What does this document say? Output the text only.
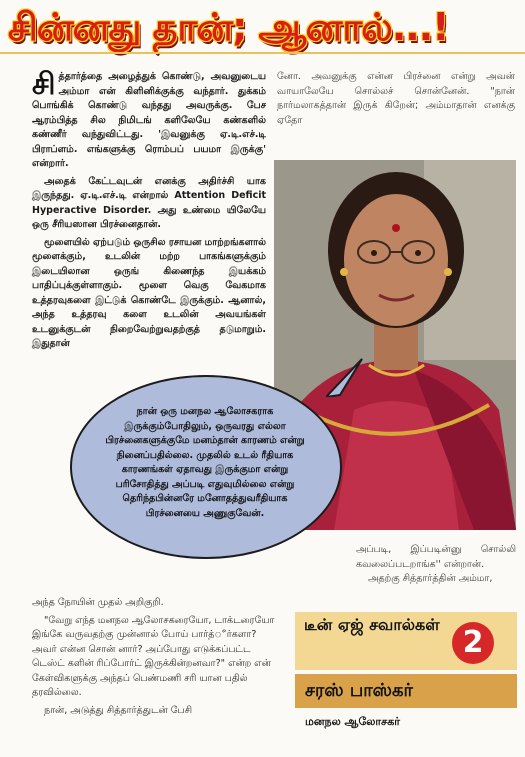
சின்னது தான்; ஆனால்...!

சித்தார்த்தை அழைத்துக் கொண்டு, அவனுடைய அம்மா என் கிளினிக்குக்கு வந்தார். துக்கம் பொங்கிக் கொண்டு வந்தது அவருக்கு. பேச ஆரம்பித்த சில நிமிடங் களிலேயே கண்களில் கண்ணீர் வந்துவிட்டது. 'இவனுக்கு ஏ.டி.எச்.டி பிராப்ளம். எங்களுக்கு ரொம்பப் பயமா இருக்கு' என்றார்.

அதைக் கேட்டவுடன் எனக்கு அதிர்ச்சி யாக இருந்தது. ஏ.டி.எச்.டி என்றால் Attention Deficit Hyperactive Disorder. அது உண்மை யிலேயே ஒரு சீரியஸான பிரச்னைதான்.

மூளையில் ஏற்படும் ஒருசில ரசாயன மாற்றங்களால் மூளைக்கும், உடலின் மற்ற பாகங்களுக்கும் இடையிலான ஒருங் கிணைந்த இயக்கம் பாதிப்புக்குள்ளாகும். மூளை வெகு வேகமாக உத்தரவுகளை இட்டுக் கொண்டே இருக்கும். ஆனால், அந்த உத்தரவு களை உடலின் அவயங்கள் உடனுக்குடன் நிறைவேற்றுவதற்குத் தடுமாறும். இதுதான்

னோ. அவனுக்கு என்ன பிரச்னை என்று அவன் வாயாலேயே சொல்லச் சொன்னேன். "நான் நார்மலாகத்தான் இருக் கிறேன்; அம்மாதான் எனக்கு ஏதோ

நான் ஒரு மனநல ஆலோசகராக இருக்கும்போதிலும், ஒருவரது எல்லா பிரச்னைகளுக்குமே மனம்தான் காரணம் என்று நினைப்பதில்லை. முதலில் உடல் ரீதியாக காரணங்கள் ஏதாவது இருக்குமா என்று பரிசோதித்து அப்படி எதுவுமில்லை என்று தெரிந்தபின்னரே மனோதத்துவரீதியாக பிரச்னையை அணுகுவேன்.

அப்படி, இப்படின்னு சொல்லி கவலைப்படறாங்க'' என்றான்.

அதற்கு சித்தார்த்தின் அம்மா,

அந்த நோயின் முதல் அறிகுறி.

"வேறு எந்த மனநல ஆலோசகரையோ, டாக்டரையோ இங்கே வருவதற்கு முன்னால் போய் பார்த்ீர்களா? அவர் என்ன சொன் னார்? அப்போது எடுக்கப்பட்ட டெஸ்ட் களின் ரிப்போர்ட் இருக்கின்றனவா?" என்ற என் கேள்விகளுக்கு அந்தப் பெண்மணி சரி யான பதில் தரவில்லை.

நான், அடுத்து சித்தார்த்துடன் பேசி

டீன் ஏஜ் சவால்கள்
2
சரஸ் பாஸ்கர்
மனநல ஆலோசகர்
